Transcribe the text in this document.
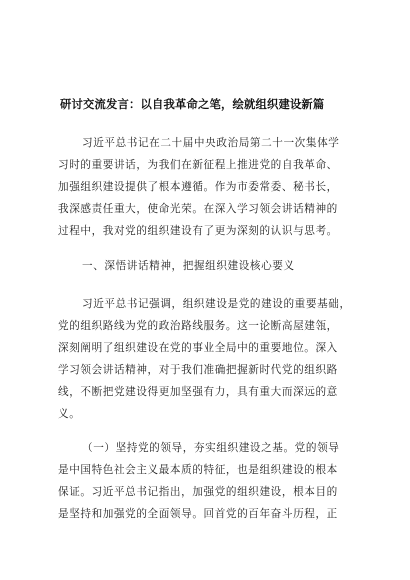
研讨交流发言：以自我革命之笔，绘就组织建设新篇
习近平总书记在二十届中央政治局第二十一次集体学
习时的重要讲话，为我们在新征程上推进党的自我革命、
加强组织建设提供了根本遵循。作为市委常委、秘书长，
我深感责任重大，使命光荣。在深入学习领会讲话精神的
过程中，我对党的组织建设有了更为深刻的认识与思考。
一、深悟讲话精神，把握组织建设核心要义
习近平总书记强调，组织建设是党的建设的重要基础，
党的组织路线为党的政治路线服务。这一论断高屋建瓴，
深刻阐明了组织建设在党的事业全局中的重要地位。深入
学习领会讲话精神，对于我们准确把握新时代党的组织路
线，不断把党建设得更加坚强有力，具有重大而深远的意
义。
（一）坚持党的领导，夯实组织建设之基。党的领导
是中国特色社会主义最本质的特征，也是组织建设的根本
保证。习近平总书记指出，加强党的组织建设，根本目的
是坚持和加强党的全面领导。回首党的百年奋斗历程，正
